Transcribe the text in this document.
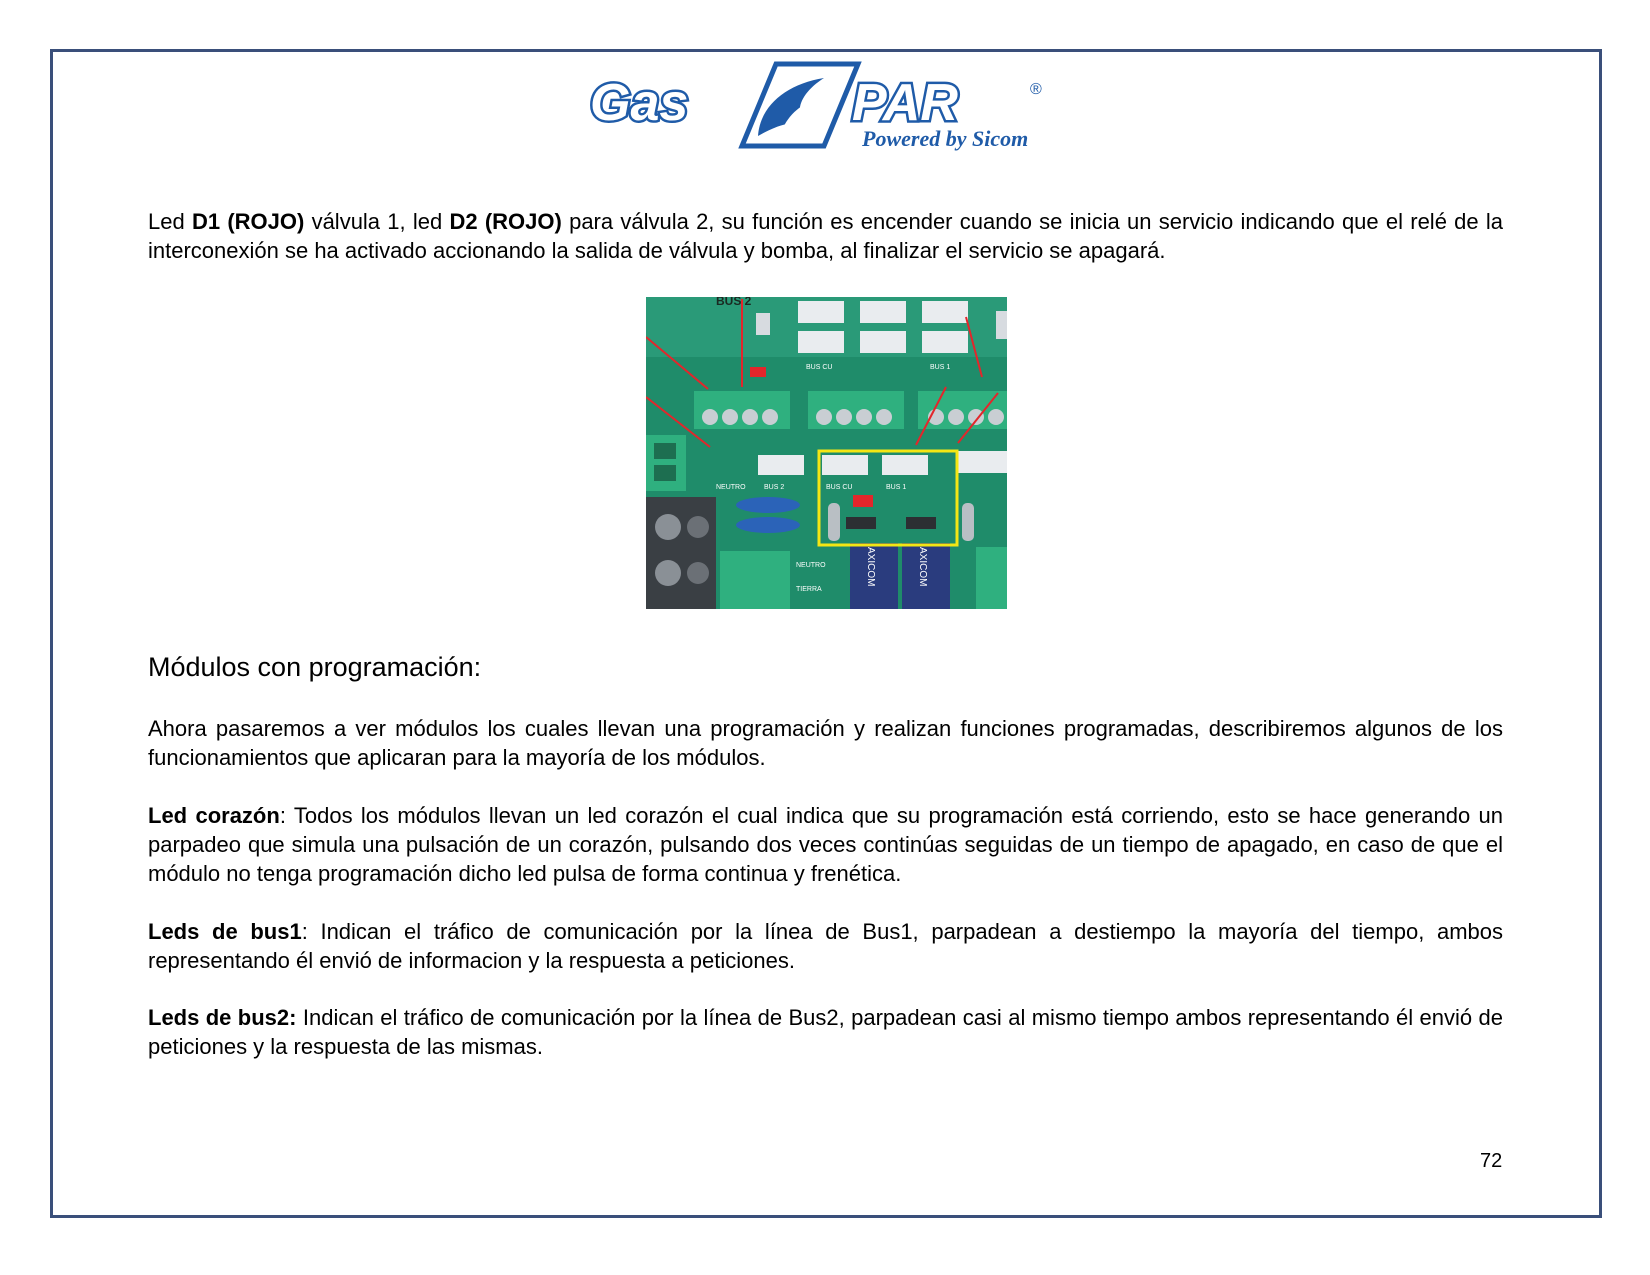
Gas	PAR	®
Powered by Sicom

Led D1 (ROJO) válvula 1, led D2 (ROJO) para válvula 2, su función es encender cuando se inicia un servicio indicando que el relé de la interconexión se ha activado accionando la salida de válvula y bomba, al finalizar el servicio se apagará.

BUS 2
BUS CU	BUS 1
BUS 2	BUS CU	BUS 1
NEUTRO
NEUTRO
TIERRA
AXICOM	AXICOM
Módulos con programación:

Ahora pasaremos a ver módulos los cuales llevan una programación y realizan funciones programadas, describiremos algunos de los funcionamientos que aplicaran para la mayoría de los módulos.

Led corazón: Todos los módulos llevan un led corazón el cual indica que su programación está corriendo, esto se hace generando un parpadeo que simula una pulsación de un corazón, pulsando dos veces continúas seguidas de un tiempo de apagado, en caso de que el módulo no tenga programación dicho led pulsa de forma continua y frenética.

Leds de bus1: Indican el tráfico de comunicación por la línea de Bus1, parpadean a destiempo la mayoría del tiempo, ambos representando él envió de informacion y la respuesta a peticiones.

Leds de bus2: Indican el tráfico de comunicación por la línea de Bus2, parpadean casi al mismo tiempo ambos representando él envió de peticiones y la respuesta de las mismas.

72
